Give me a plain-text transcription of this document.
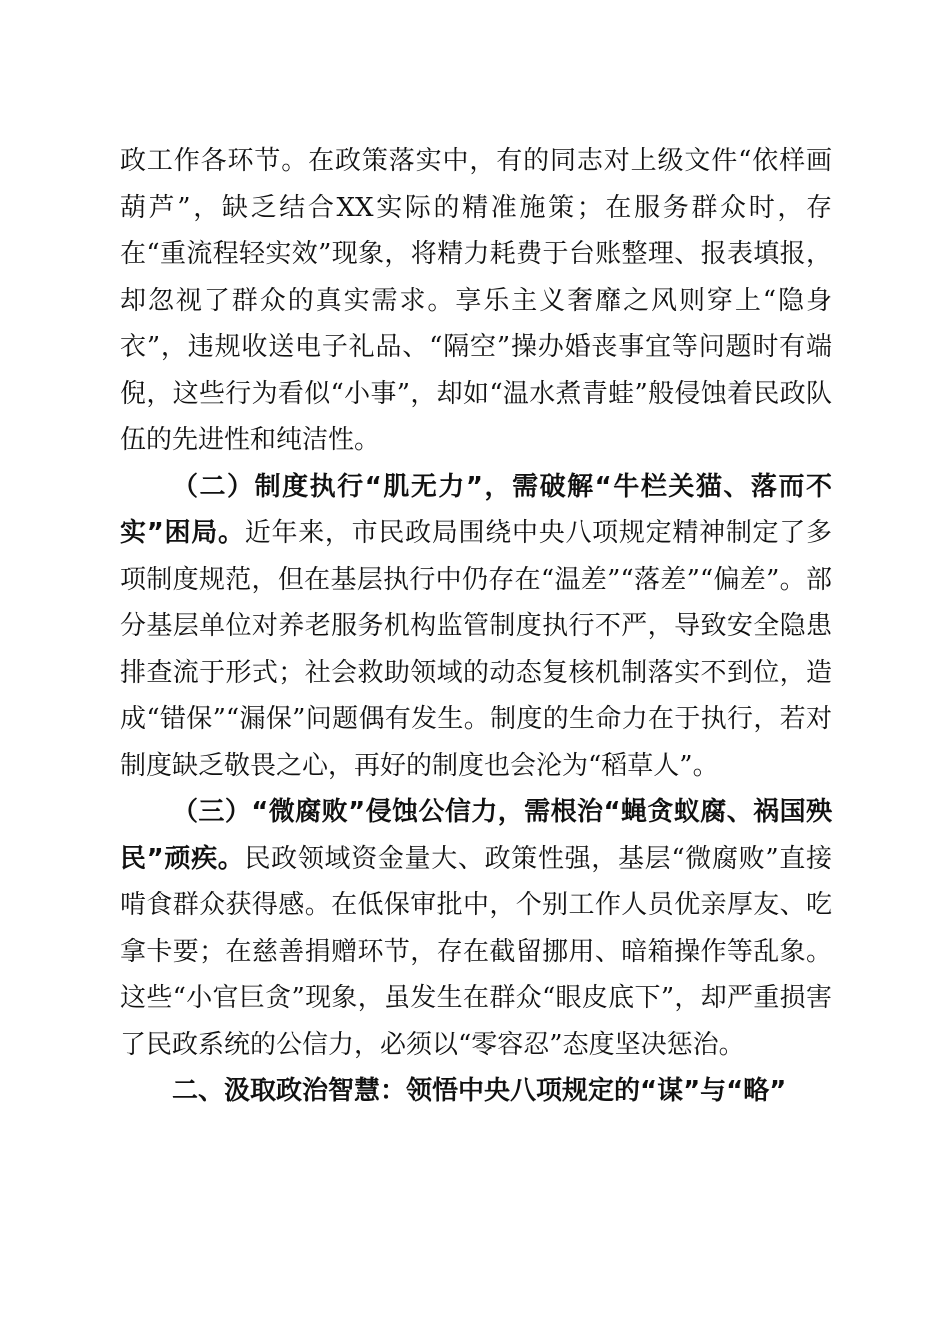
政工作各环节。在政策落实中，有的同志对上级文件“依样画葫芦”，缺乏结合XX实际的精准施策；在服务群众时，存在“重流程轻实效”现象，将精力耗费于台账整理、报表填报，却忽视了群众的真实需求。享乐主义奢靡之风则穿上“隐身衣”，违规收送电子礼品、“隔空”操办婚丧事宜等问题时有端倪，这些行为看似“小事”，却如“温水煮青蛙”般侵蚀着民政队伍的先进性和纯洁性。

（二）制度执行“肌无力”，需破解“牛栏关猫、落而不实”困局。近年来，市民政局围绕中央八项规定精神制定了多项制度规范，但在基层执行中仍存在“温差”“落差”“偏差”。部分基层单位对养老服务机构监管制度执行不严，导致安全隐患排查流于形式；社会救助领域的动态复核机制落实不到位，造成“错保”“漏保”问题偶有发生。制度的生命力在于执行，若对制度缺乏敬畏之心，再好的制度也会沦为“稻草人”。

（三）“微腐败”侵蚀公信力，需根治“蝇贪蚁腐、祸国殃民”顽疾。民政领域资金量大、政策性强，基层“微腐败”直接啃食群众获得感。在低保审批中，个别工作人员优亲厚友、吃拿卡要；在慈善捐赠环节，存在截留挪用、暗箱操作等乱象。这些“小官巨贪”现象，虽发生在群众“眼皮底下”，却严重损害了民政系统的公信力，必须以“零容忍”态度坚决惩治。

二、汲取政治智慧：领悟中央八项规定的“谋”与“略”
